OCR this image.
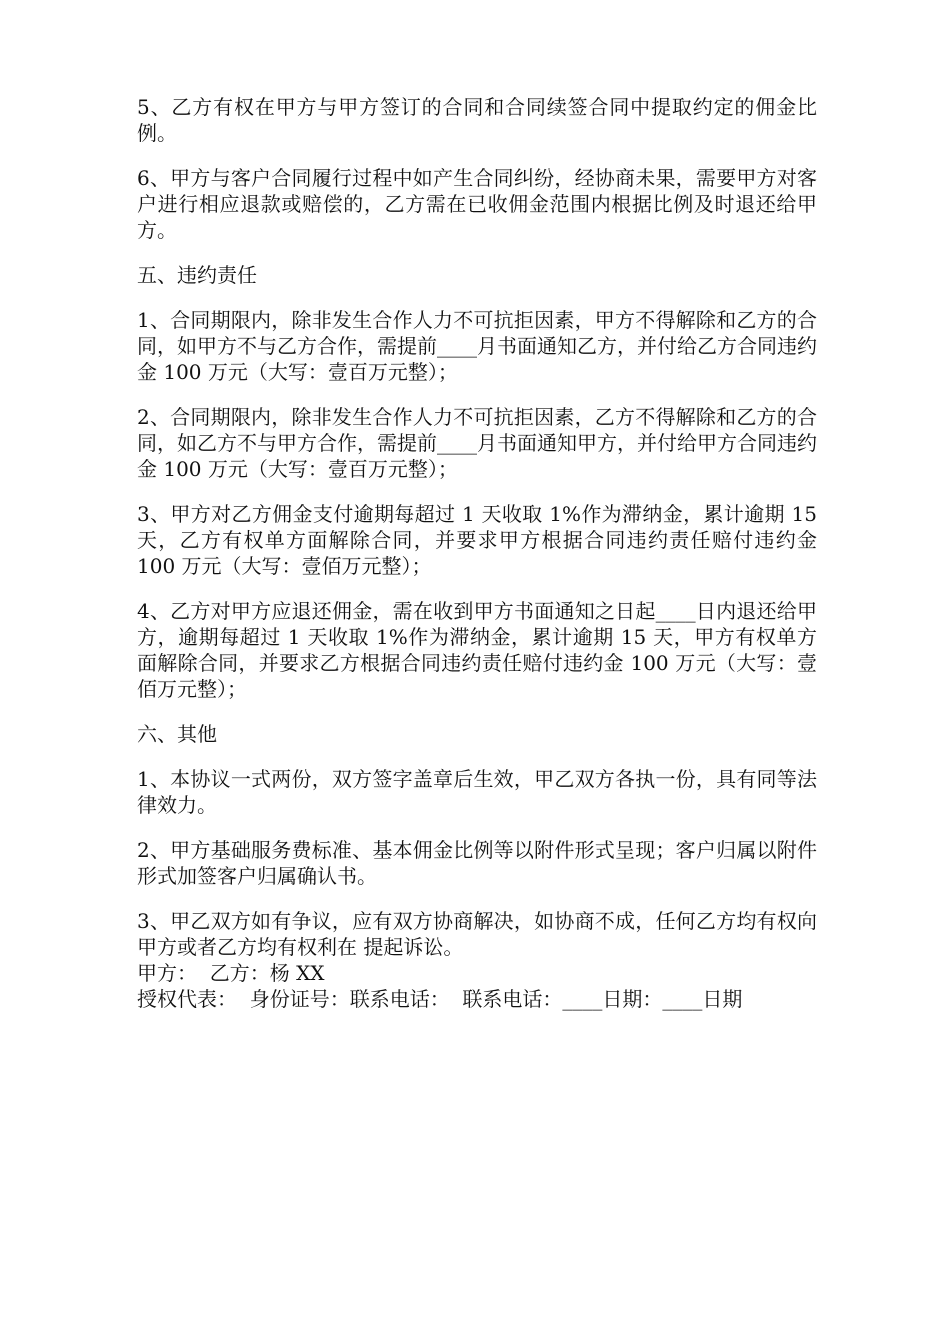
5、乙方有权在甲方与甲方签订的合同和合同续签合同中提取约定的佣金比例。

6、甲方与客户合同履行过程中如产生合同纠纷，经协商未果，需要甲方对客户进行相应退款或赔偿的，乙方需在已收佣金范围内根据比例及时退还给甲方。

五、违约责任

1、合同期限内，除非发生合作人力不可抗拒因素，甲方不得解除和乙方的合同，如甲方不与乙方合作，需提前____月书面通知乙方，并付给乙方合同违约金 100 万元（大写：壹百万元整）；

2、合同期限内，除非发生合作人力不可抗拒因素，乙方不得解除和乙方的合同，如乙方不与甲方合作，需提前____月书面通知甲方，并付给甲方合同违约金 100 万元（大写：壹百万元整）；

3、甲方对乙方佣金支付逾期每超过 1 天收取 1%作为滞纳金，累计逾期 15 天，乙方有权单方面解除合同，并要求甲方根据合同违约责任赔付违约金 100 万元（大写：壹佰万元整）；

4、乙方对甲方应退还佣金，需在收到甲方书面通知之日起____日内退还给甲方，逾期每超过 1 天收取 1%作为滞纳金，累计逾期 15 天，甲方有权单方面解除合同，并要求乙方根据合同违约责任赔付违约金 100 万元（大写：壹佰万元整）；

六、其他

1、本协议一式两份，双方签字盖章后生效，甲乙双方各执一份，具有同等法律效力。

2、甲方基础服务费标准、基本佣金比例等以附件形式呈现；客户归属以附件形式加签客户归属确认书。

3、甲乙双方如有争议，应有双方协商解决，如协商不成，任何乙方均有权向甲方或者乙方均有权利在 提起诉讼。

甲方：  乙方：杨 XX

授权代表：  身份证号：联系电话：  联系电话：____日期：____日期
